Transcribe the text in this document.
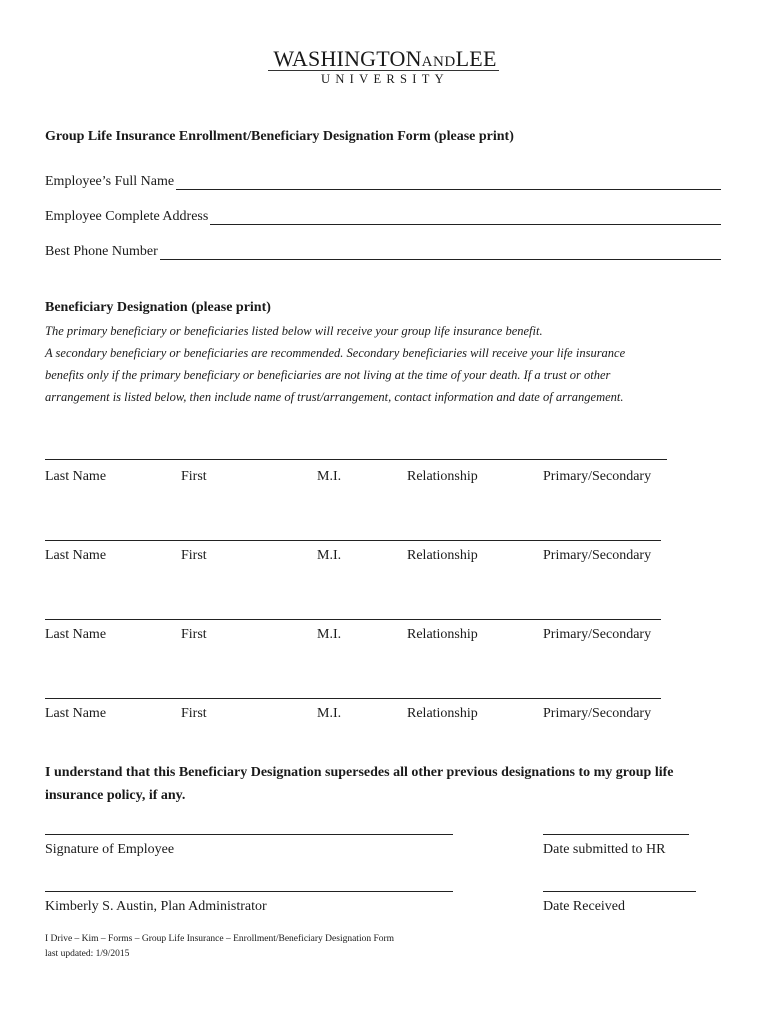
WASHINGTONANDLEE
UNIVERSITY
Group Life Insurance Enrollment/Beneficiary Designation Form (please print)
Employee’s Full Name
Employee Complete Address
Best Phone Number
Beneficiary Designation (please print)
The primary beneficiary or beneficiaries listed below will receive your group life insurance benefit.
A secondary beneficiary or beneficiaries are recommended. Secondary beneficiaries will receive your life insurance
benefits only if the primary beneficiary or beneficiaries are not living at the time of your death. If a trust or other
arrangement is listed below, then include name of trust/arrangement, contact information and date of arrangement.
Last Name	First	M.I.	Relationship	Primary/Secondary
Last Name	First	M.I.	Relationship	Primary/Secondary
Last Name	First	M.I.	Relationship	Primary/Secondary
Last Name	First	M.I.	Relationship	Primary/Secondary
I understand that this Beneficiary Designation supersedes all other previous designations to my group life insurance policy, if any.
Signature of Employee	Date submitted to HR
Kimberly S. Austin, Plan Administrator	Date Received
I Drive – Kim – Forms – Group Life Insurance – Enrollment/Beneficiary Designation Form
last updated: 1/9/2015
